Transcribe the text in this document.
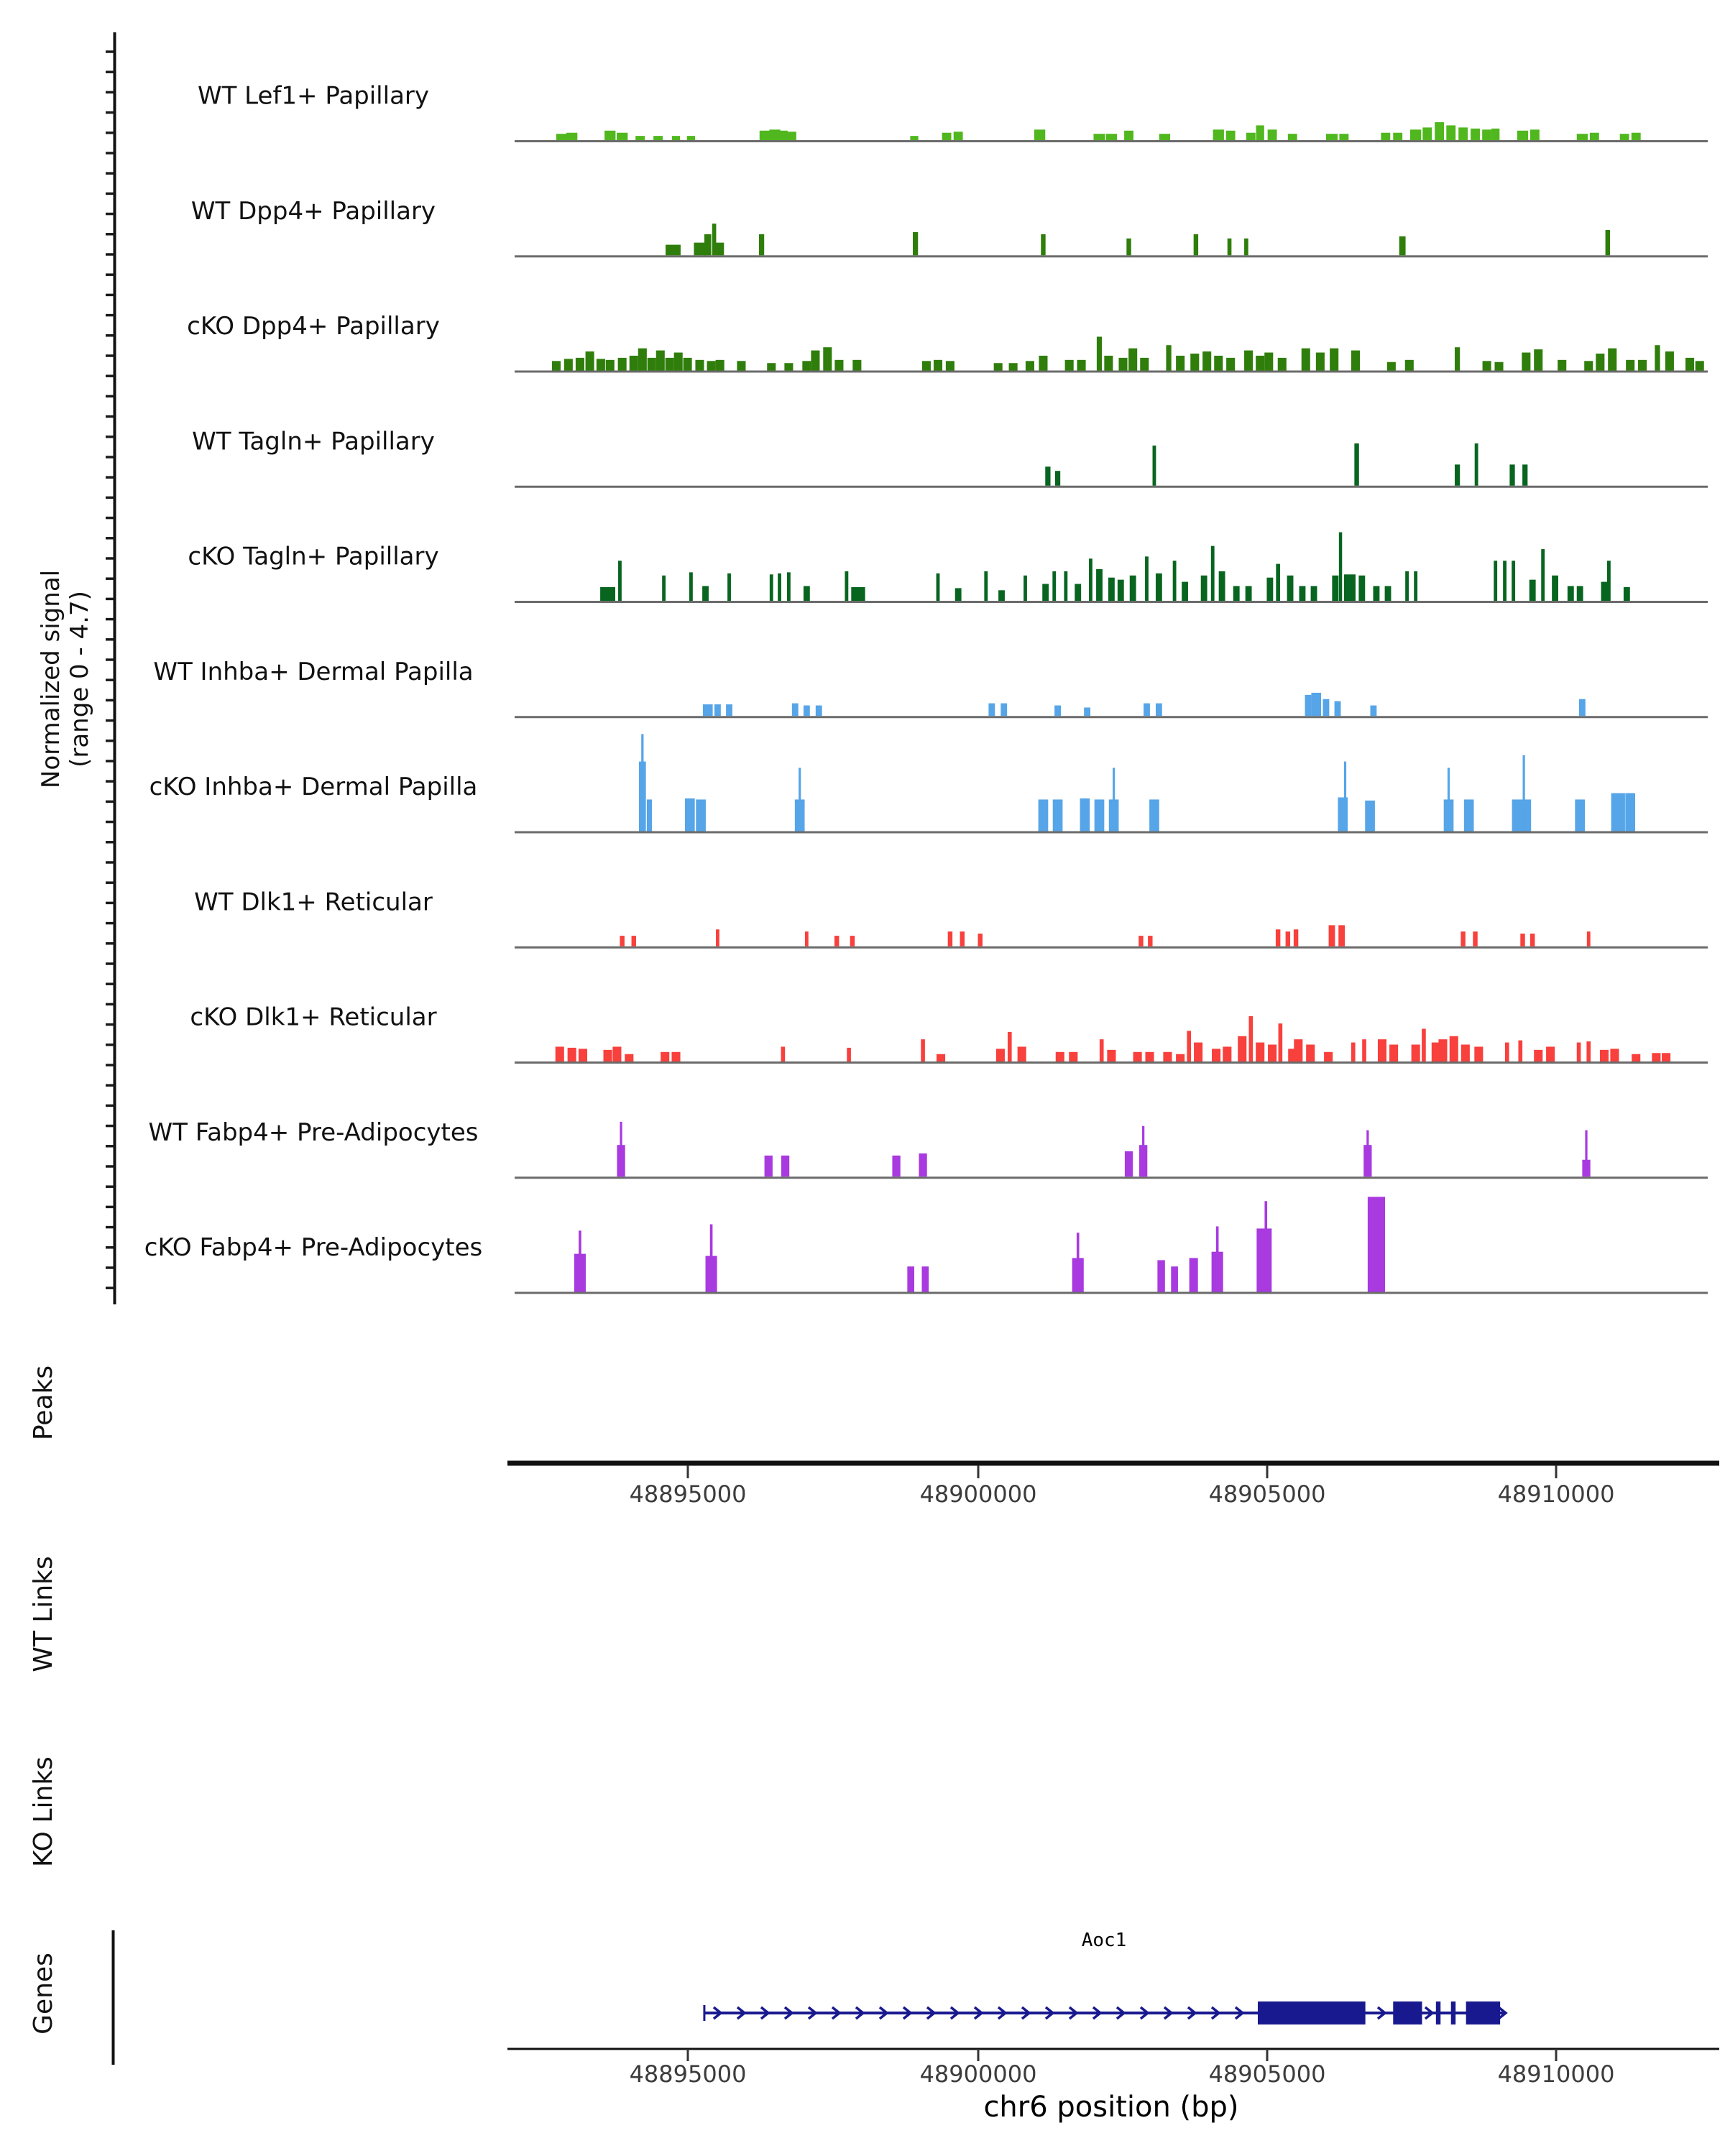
Normalized signal (range 0 - 4.7)
Peaks
WT Links
KO Links
Genes
WT Lef1+ Papillary
WT Dpp4+ Papillary
cKO Dpp4+ Papillary
WT Tagln+ Papillary
cKO Tagln+ Papillary
WT Inhba+ Dermal Papilla
cKO Inhba+ Dermal Papilla
WT Dlk1+ Reticular
cKO Dlk1+ Reticular
WT Fabp4+ Pre-Adipocytes
cKO Fabp4+ Pre-Adipocytes
48895000	48900000	48905000	48910000
48895000	48900000	48905000	48910000
chr6 position (bp)
Aoc1
